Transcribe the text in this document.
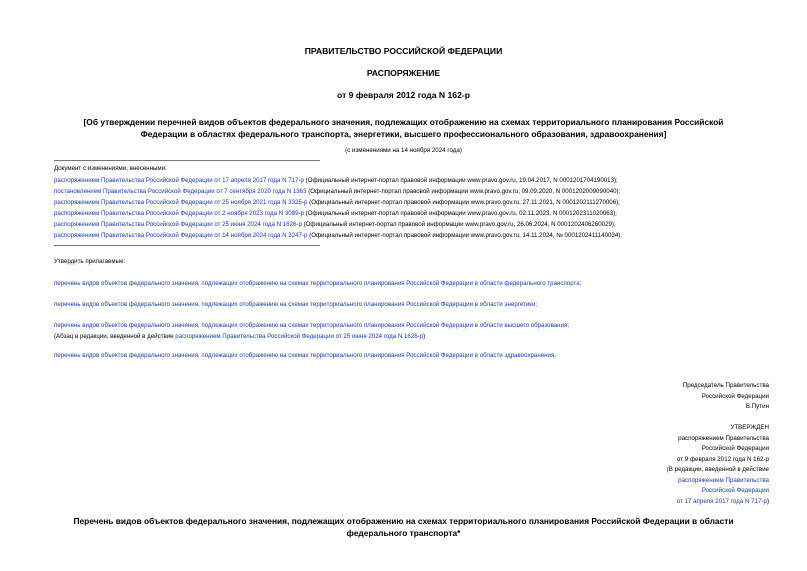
ПРАВИТЕЛЬСТВО РОССИЙСКОЙ ФЕДЕРАЦИИ
РАСПОРЯЖЕНИЕ
от 9 февраля 2012 года N 162-р
[Об утверждении перечней видов объектов федерального значения, подлежащих отображению на схемах территориального планирования Российской
Федерации в областях федерального транспорта, энергетики, высшего профессионального образования, здравоохранения]
(с изменениями на 14 ноября 2024 года)
Документ с изменениями, внесенными:
распоряжением Правительства Российской Федерации от 17 апреля 2017 года N 717-р (Официальный интернет-портал правовой информации www.pravo.gov.ru, 19.04.2017, N 0001201704190013);
постановлением Правительства Российской Федерации от 7 сентября 2020 года N 1363 (Официальный интернет-портал правовой информации www.pravo.gov.ru, 09.09.2020, N 0001202009090040);
распоряжением Правительства Российской Федерации от 25 ноября 2021 года N 3325-р (Официальный интернет-портал правовой информации www.pravo.gov.ru, 27.11.2021, N 0001202111270006);
распоряжением Правительства Российской Федерации от 2 ноября 2023 года N 3089-р (Официальный интернет-портал правовой информации www.pravo.gov.ru, 02.11.2023, N 0001202311020063);
распоряжением Правительства Российской Федерации от 25 июня 2024 года N 1626-р (Официальный интернет-портал правовой информации www.pravo.gov.ru, 26.06.2024, N 0001202406260029);
распоряжением Правительства Российской Федерации от 14 ноября 2024 года N 3247-р (Официальный интернет-портал правовой информации www.pravo.gov.ru, 14.11.2024, № 0001202411140034).
Утвердить прилагаемые:
перечень видов объектов федерального значения, подлежащих отображению на схемах территориального планирования Российской Федерации в области федерального транспорта;
перечень видов объектов федерального значения, подлежащих отображению на схемах территориального планирования Российской Федерации в области энергетики;
перечень видов объектов федерального значения, подлежащих отображению на схемах территориального планирования Российской Федерации в области высшего образования;
(Абзац в редакции, введенной в действие распоряжением Правительства Российской Федерации от 25 июня 2024 года N 1626-р)
перечень видов объектов федерального значения, подлежащих отображению на схемах территориального планирования Российской Федерации в области здравоохранения.
Председатель Правительства
Российской Федерации
В.Путин
УТВЕРЖДЕН
распоряжением Правительства
Российской Федерации
от 9 февраля 2012 года N 162-р
(В редакции, введенной в действие
распоряжением Правительства
Российской Федерации
от 17 апреля 2017 года N 717-р)
Перечень видов объектов федерального значения, подлежащих отображению на схемах территориального планирования Российской Федерации в области
федерального транспорта*
